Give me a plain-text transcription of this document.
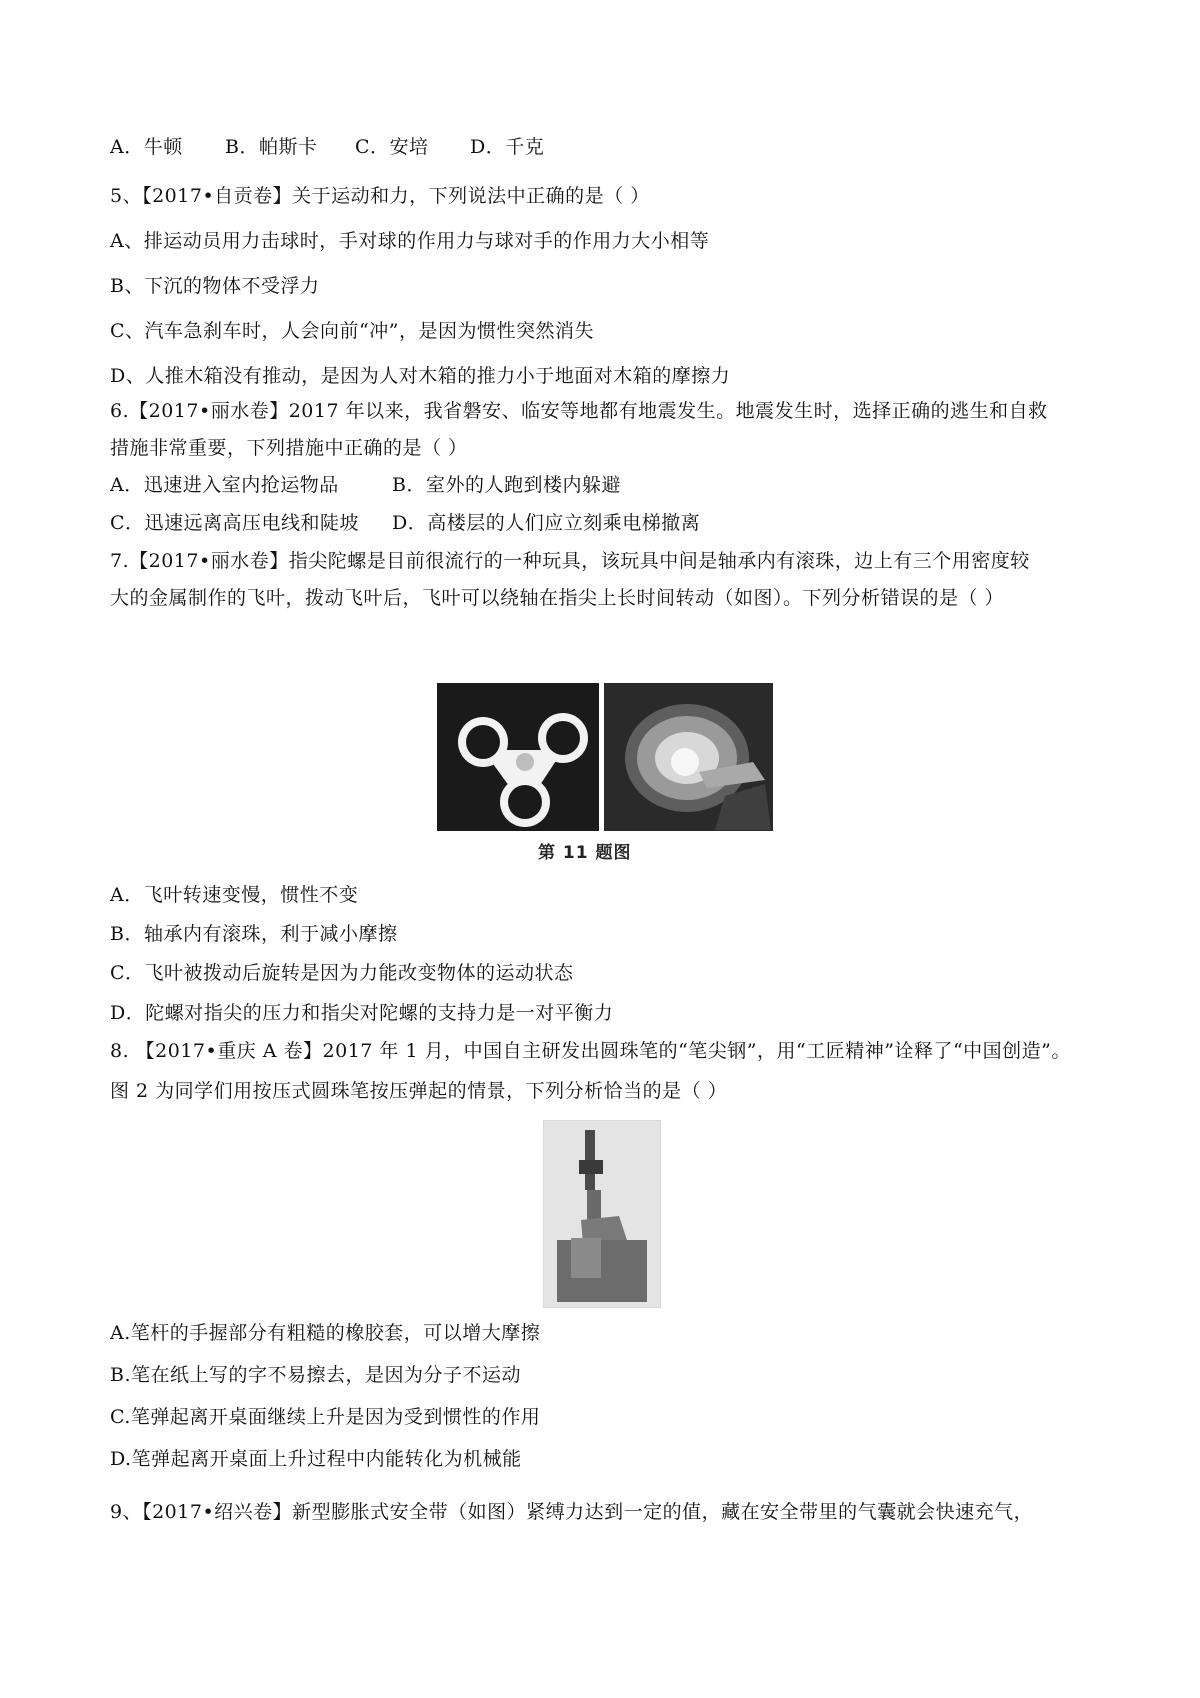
A．牛顿 B．帕斯卡 C．安培 D．千克
5、【2017•自贡卷】关于运动和力，下列说法中正确的是（ ）
A、排运动员用力击球时，手对球的作用力与球对手的作用力大小相等
B、下沉的物体不受浮力
C、汽车急刹车时，人会向前“冲”，是因为惯性突然消失
D、人推木箱没有推动，是因为人对木箱的推力小于地面对木箱的摩擦力
6.【2017•丽水卷】2017 年以来，我省磐安、临安等地都有地震发生。地震发生时，选择正确的逃生和自救
措施非常重要，下列措施中正确的是（ ）
A．迅速进入室内抢运物品	B．室外的人跑到楼内躲避
C．迅速远离高压电线和陡坡 D．高楼层的人们应立刻乘电梯撤离
7.【2017•丽水卷】指尖陀螺是目前很流行的一种玩具，该玩具中间是轴承内有滚珠，边上有三个用密度较
大的金属制作的飞叶，拨动飞叶后，飞叶可以绕轴在指尖上长时间转动（如图）。下列分析错误的是（ ）
第 11 题图
A．飞叶转速变慢，惯性不变
B．轴承内有滚珠，利于减小摩擦
C．飞叶被拨动后旋转是因为力能改变物体的运动状态
D．陀螺对指尖的压力和指尖对陀螺的支持力是一对平衡力
8. 【2017•重庆 A 卷】2017 年 1 月，中国自主研发出圆珠笔的“笔尖钢”，用“工匠精神”诠释了“中国创造”。
图 2 为同学们用按压式圆珠笔按压弹起的情景，下列分析恰当的是（ ）
A.笔杆的手握部分有粗糙的橡胶套，可以增大摩擦
B.笔在纸上写的字不易擦去，是因为分子不运动
C.笔弹起离开桌面继续上升是因为受到惯性的作用
D.笔弹起离开桌面上升过程中内能转化为机械能
9、【2017•绍兴卷】新型膨胀式安全带（如图）紧缚力达到一定的值，藏在安全带里的气囊就会快速充气，
